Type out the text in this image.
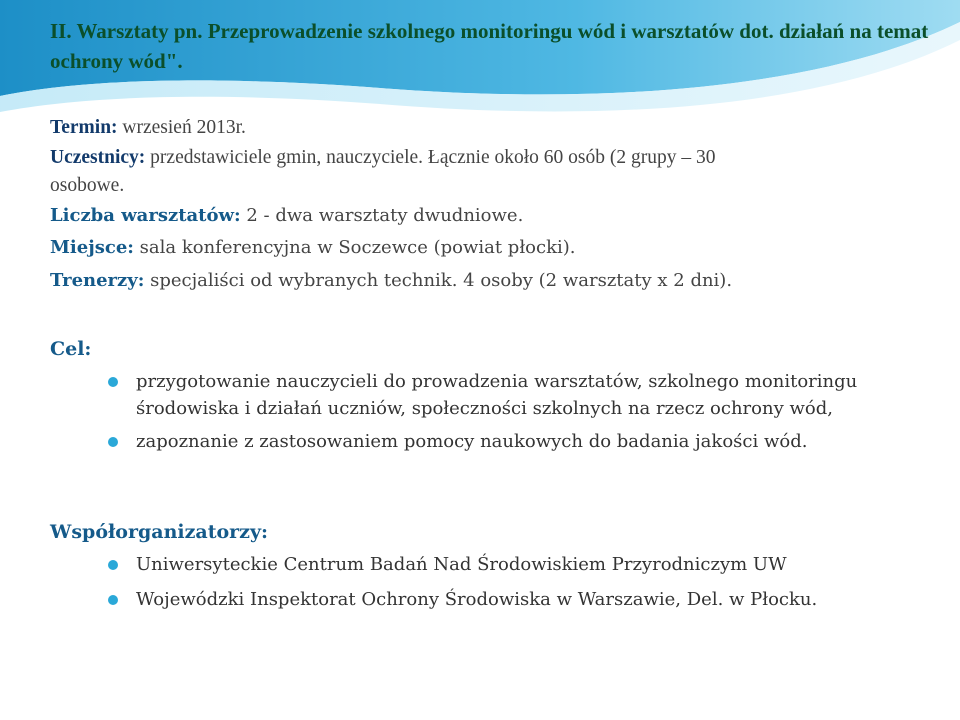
II. Warsztaty pn. Przeprowadzenie szkolnego monitoringu wód i warsztatów dot. działań na temat ochrony wód".

Termin: wrzesień 2013r.
Uczestnicy: przedstawiciele gmin, nauczyciele. Łącznie około 60 osób (2 grupy – 30
osobowe.
Liczba warsztatów: 2 - dwa warsztaty dwudniowe.
Miejsce: sala konferencyjna w Soczewce (powiat płocki).
Trenerzy: specjaliści od wybranych technik. 4 osoby (2 warsztaty x 2 dni).
Cel:
przygotowanie nauczycieli do prowadzenia warsztatów, szkolnego monitoringu środowiska i działań uczniów, społeczności szkolnych na rzecz ochrony wód,
zapoznanie z zastosowaniem pomocy naukowych do badania jakości wód.
Współorganizatorzy:
Uniwersyteckie Centrum Badań Nad Środowiskiem Przyrodniczym UW
Wojewódzki Inspektorat Ochrony Środowiska w Warszawie, Del. w Płocku.
